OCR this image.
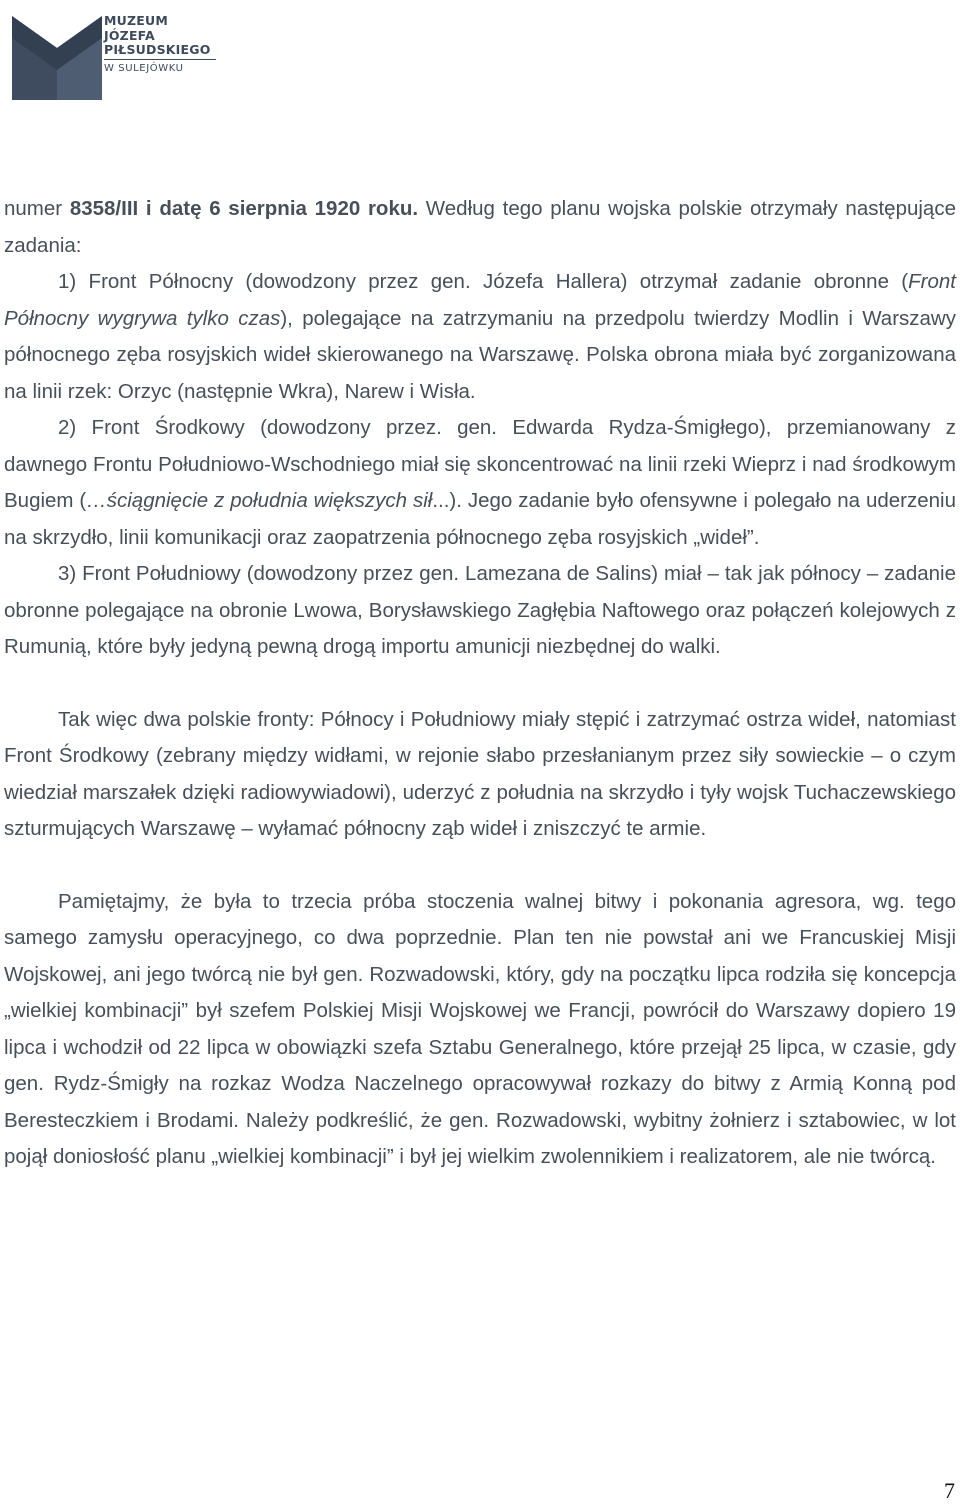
MUZEUM
JÓZEFA
PIŁSUDSKIEGO
W SULEJÓWKU

numer 8358/III i datę 6 sierpnia 1920 roku. Według tego planu wojska polskie otrzymały następujące zadania:

1) Front Północny (dowodzony przez gen. Józefa Hallera) otrzymał zadanie obronne (Front Północny wygrywa tylko czas), polegające na zatrzymaniu na przedpolu twierdzy Modlin i Warszawy północnego zęba rosyjskich wideł skierowanego na Warszawę. Polska obrona miała być zorganizowana na linii rzek: Orzyc (następnie Wkra), Narew i Wisła.

2) Front Środkowy (dowodzony przez. gen. Edwarda Rydza-Śmigłego), przemianowany z dawnego Frontu Południowo-Wschodniego miał się skoncentrować na linii rzeki Wieprz i nad środkowym Bugiem (…ściągnięcie z południa większych sił...). Jego zadanie było ofensywne i polegało na uderzeniu na skrzydło, linii komunikacji oraz zaopatrzenia północnego zęba rosyjskich „wideł”.

3) Front Południowy (dowodzony przez gen. Lamezana de Salins) miał – tak jak północy – zadanie obronne polegające na obronie Lwowa, Borysławskiego Zagłębia Naftowego oraz połączeń kolejowych z Rumunią, które były jedyną pewną drogą importu amunicji niezbędnej do walki.

Tak więc dwa polskie fronty: Północy i Południowy miały stępić i zatrzymać ostrza wideł, natomiast Front Środkowy (zebrany między widłami, w rejonie słabo przesłanianym przez siły sowieckie – o czym wiedział marszałek dzięki radiowywiadowi), uderzyć z południa na skrzydło i tyły wojsk Tuchaczewskiego szturmujących Warszawę – wyłamać północny ząb wideł i zniszczyć te armie.

Pamiętajmy, że była to trzecia próba stoczenia walnej bitwy i pokonania agresora, wg. tego samego zamysłu operacyjnego, co dwa poprzednie. Plan ten nie powstał ani we Francuskiej Misji Wojskowej, ani jego twórcą nie był gen. Rozwadowski, który, gdy na początku lipca rodziła się koncepcja „wielkiej kombinacji” był szefem Polskiej Misji Wojskowej we Francji, powrócił do Warszawy dopiero 19 lipca i wchodził od 22 lipca w obowiązki szefa Sztabu Generalnego, które przejął 25 lipca, w czasie, gdy gen. Rydz-Śmigły na rozkaz Wodza Naczelnego opracowywał rozkazy do bitwy z Armią Konną pod Beresteczkiem i Brodami. Należy podkreślić, że gen. Rozwadowski, wybitny żołnierz i sztabowiec, w lot pojął doniosłość planu „wielkiej kombinacji” i był jej wielkim zwolennikiem i realizatorem, ale nie twórcą.

7
